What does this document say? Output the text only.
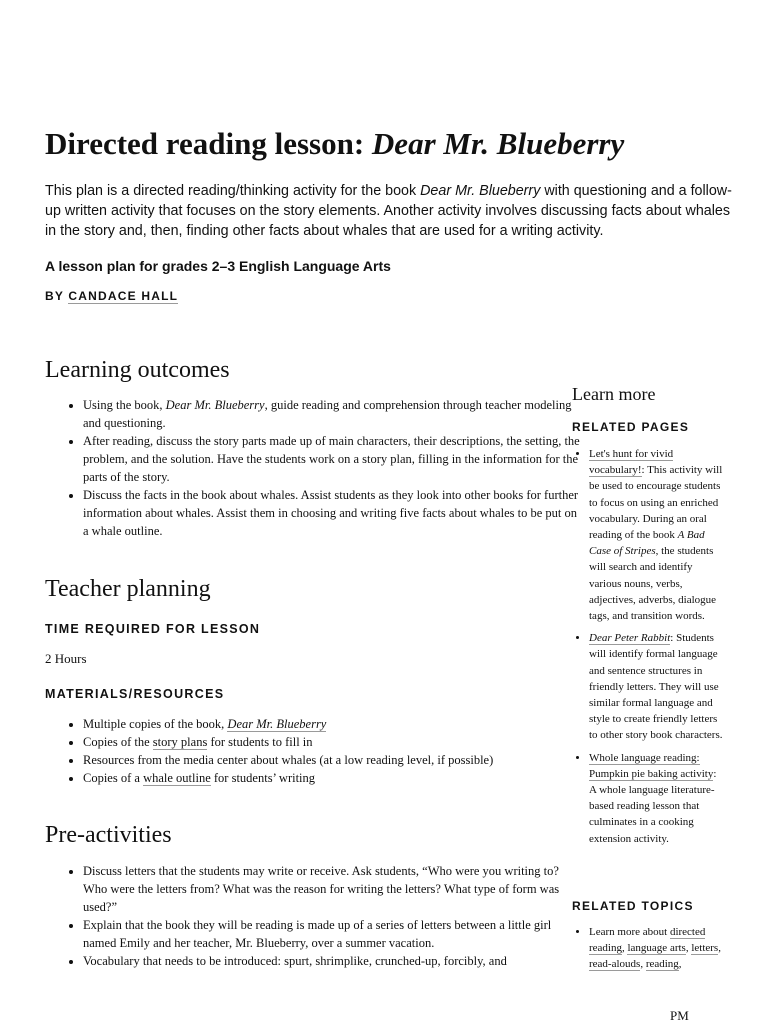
Directed reading lesson: Dear Mr. Blueberry

This plan is a directed reading/thinking activity for the book Dear Mr. Blueberry with questioning and a follow-up written activity that focuses on the story elements. Another activity involves discussing facts about whales in the story and, then, finding other facts about whales that are used for a writing activity.

A lesson plan for grades 2–3 English Language Arts

BY CANDACE HALL

Learning outcomes
• Using the book, Dear Mr. Blueberry, guide reading and comprehension through teacher modeling and questioning.
• After reading, discuss the story parts made up of main characters, their descriptions, the setting, the problem, and the solution. Have the students work on a story plan, filling in the information for the parts of the story.
• Discuss the facts in the book about whales. Assist students as they look into other books for further information about whales. Assist them in choosing and writing five facts about whales to be put on a whale outline.
Teacher planning
TIME REQUIRED FOR LESSON

2 Hours

MATERIALS/RESOURCES
• Multiple copies of the book, Dear Mr. Blueberry
• Copies of the story plans for students to fill in
• Resources from the media center about whales (at a low reading level, if possible)
• Copies of a whale outline for students’ writing
Pre-activities
• Discuss letters that the students may write or receive. Ask students, “Who were you writing to? Who were the letters from? What was the reason for writing the letters? What type of form was used?”
• Explain that the book they will be reading is made up of a series of letters between a little girl named Emily and her teacher, Mr. Blueberry, over a summer vacation.
• Vocabulary that needs to be introduced: spurt, shrimplike, crunched-up, forcibly, and
Learn more
RELATED PAGES
• Let's hunt for vivid vocabulary!: This activity will be used to encourage students to focus on using an enriched vocabulary. During an oral reading of the book A Bad Case of Stripes, the students will search and identify various nouns, verbs, adjectives, adverbs, dialogue tags, and transition words.
• Dear Peter Rabbit: Students will identify formal language and sentence structures in friendly letters. They will use similar formal language and style to create friendly letters to other story book characters.
• Whole language reading: Pumpkin pie baking activity: A whole language literature-based reading lesson that culminates in a cooking extension activity.
RELATED TOPICS
• Learn more about directed reading, language arts, letters, read-alouds, reading,

PM
